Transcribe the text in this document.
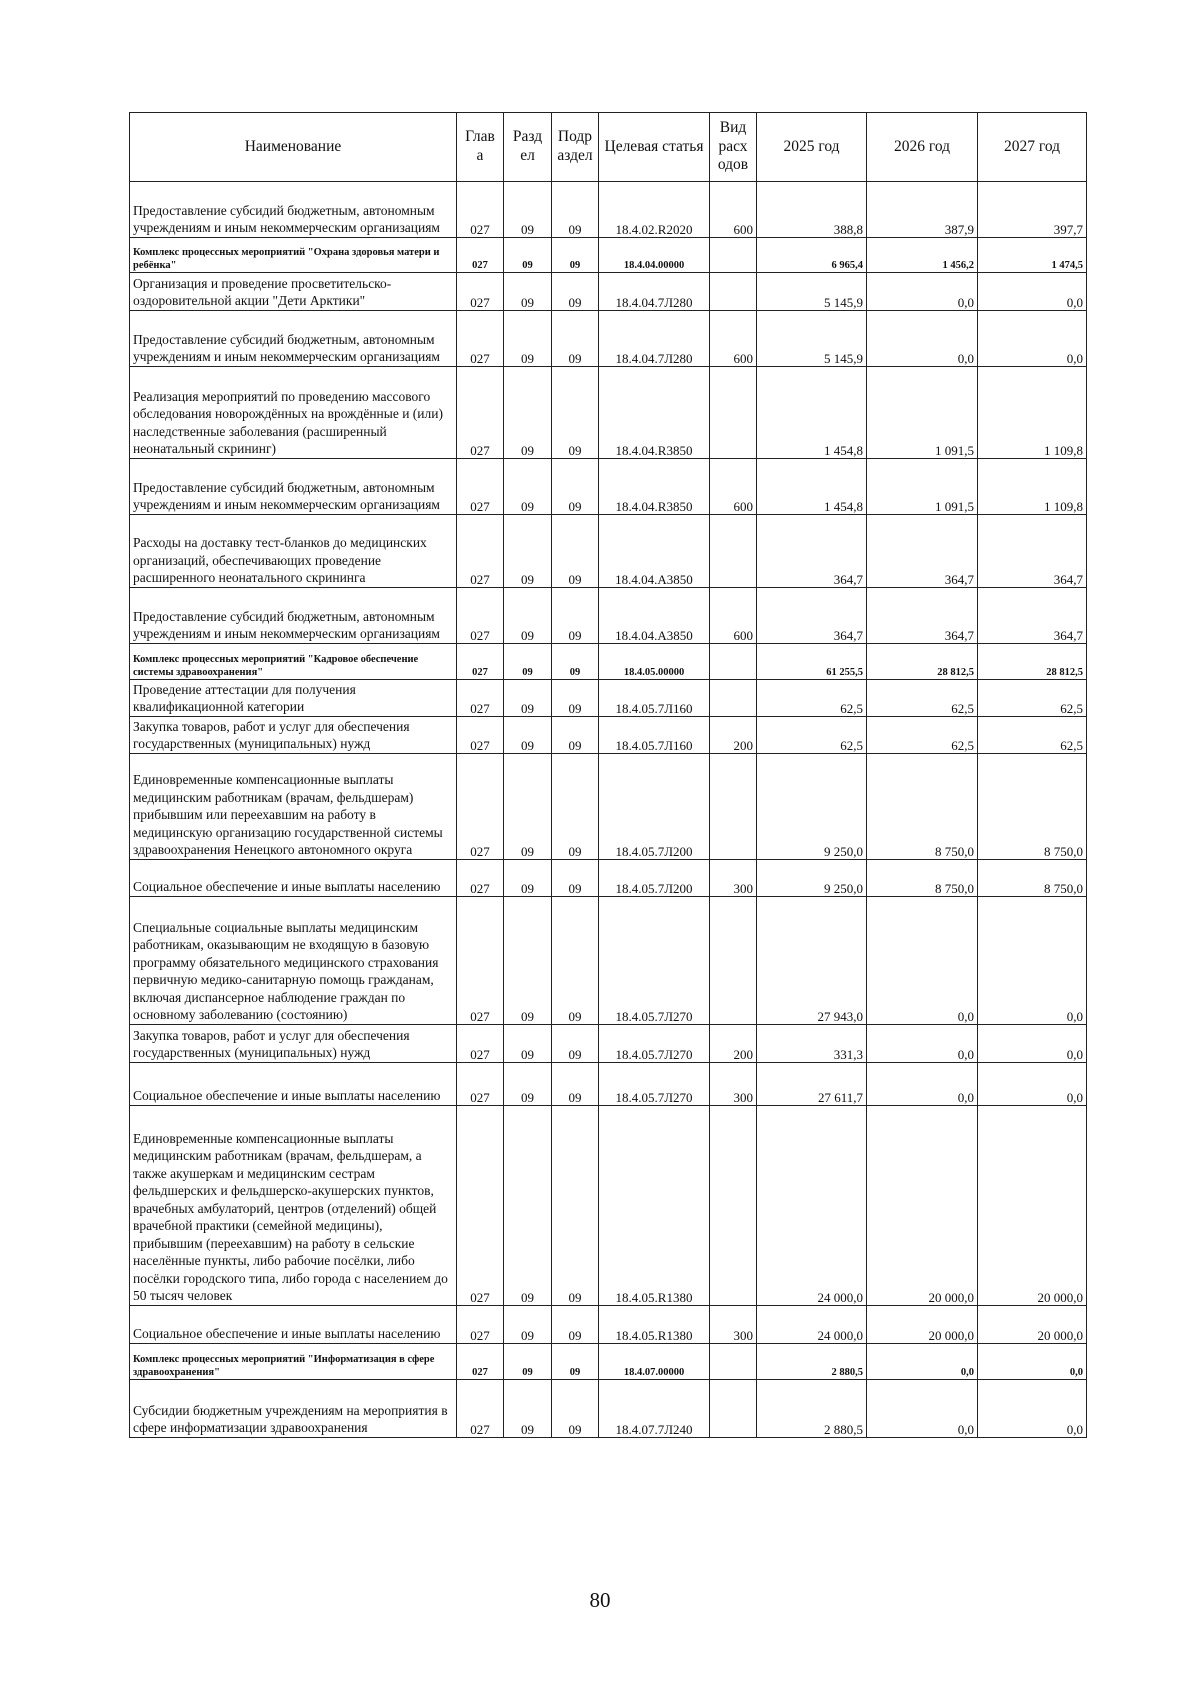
Наименование	Глав а	Разд ел	Подр аздел	Целевая статья	Вид расх одов	2025 год	2026 год	2027 год
Предоставление субсидий бюджетным, автономным учреждениям и иным некоммерческим организациям	027	09	09	18.4.02.R2020	600	388,8	387,9	397,7
Комплекс процессных мероприятий "Охрана здоровья матери и ребёнка"	027	09	09	18.4.04.00000		6 965,4	1 456,2	1 474,5
Организация и проведение просветительско-оздоровительной акции "Дети Арктики"	027	09	09	18.4.04.7Л280		5 145,9	0,0	0,0
Предоставление субсидий бюджетным, автономным учреждениям и иным некоммерческим организациям	027	09	09	18.4.04.7Л280	600	5 145,9	0,0	0,0
Реализация мероприятий по проведению массового обследования новорождённых на врождённые и (или) наследственные заболевания (расширенный неонатальный скрининг)	027	09	09	18.4.04.R3850		1 454,8	1 091,5	1 109,8
Предоставление субсидий бюджетным, автономным учреждениям и иным некоммерческим организациям	027	09	09	18.4.04.R3850	600	1 454,8	1 091,5	1 109,8
Расходы на доставку тест-бланков до медицинских организаций, обеспечивающих проведение расширенного неонатального скрининга	027	09	09	18.4.04.А3850		364,7	364,7	364,7
Предоставление субсидий бюджетным, автономным учреждениям и иным некоммерческим организациям	027	09	09	18.4.04.А3850	600	364,7	364,7	364,7
Комплекс процессных мероприятий "Кадровое обеспечение системы здравоохранения"	027	09	09	18.4.05.00000		61 255,5	28 812,5	28 812,5
Проведение аттестации для получения квалификационной категории	027	09	09	18.4.05.7Л160		62,5	62,5	62,5
Закупка товаров, работ и услуг для обеспечения государственных (муниципальных) нужд	027	09	09	18.4.05.7Л160	200	62,5	62,5	62,5
Единовременные компенсационные выплаты медицинским работникам (врачам, фельдшерам) прибывшим или переехавшим на работу в медицинскую организацию государственной системы здравоохранения Ненецкого автономного округа	027	09	09	18.4.05.7Л200		9 250,0	8 750,0	8 750,0
Социальное обеспечение и иные выплаты населению	027	09	09	18.4.05.7Л200	300	9 250,0	8 750,0	8 750,0
Специальные социальные выплаты медицинским работникам, оказывающим не входящую в базовую программу обязательного медицинского страхования первичную медико-санитарную помощь гражданам, включая диспансерное наблюдение граждан по основному заболеванию (состоянию)	027	09	09	18.4.05.7Л270		27 943,0	0,0	0,0
Закупка товаров, работ и услуг для обеспечения государственных (муниципальных) нужд	027	09	09	18.4.05.7Л270	200	331,3	0,0	0,0
Социальное обеспечение и иные выплаты населению	027	09	09	18.4.05.7Л270	300	27 611,7	0,0	0,0
Единовременные компенсационные выплаты медицинским работникам (врачам, фельдшерам, а также акушеркам и медицинским сестрам фельдшерских и фельдшерско-акушерских пунктов, врачебных амбулаторий, центров (отделений) общей врачебной практики (семейной медицины), прибывшим (переехавшим) на работу в сельские населённые пункты, либо рабочие посёлки, либо посёлки городского типа, либо города с населением до 50 тысяч человек	027	09	09	18.4.05.R1380		24 000,0	20 000,0	20 000,0
Социальное обеспечение и иные выплаты населению	027	09	09	18.4.05.R1380	300	24 000,0	20 000,0	20 000,0
Комплекс процессных мероприятий "Информатизация в сфере здравоохранения"	027	09	09	18.4.07.00000		2 880,5	0,0	0,0
Субсидии бюджетным учреждениям на мероприятия в сфере информатизации здравоохранения	027	09	09	18.4.07.7Л240		2 880,5	0,0	0,0
80
